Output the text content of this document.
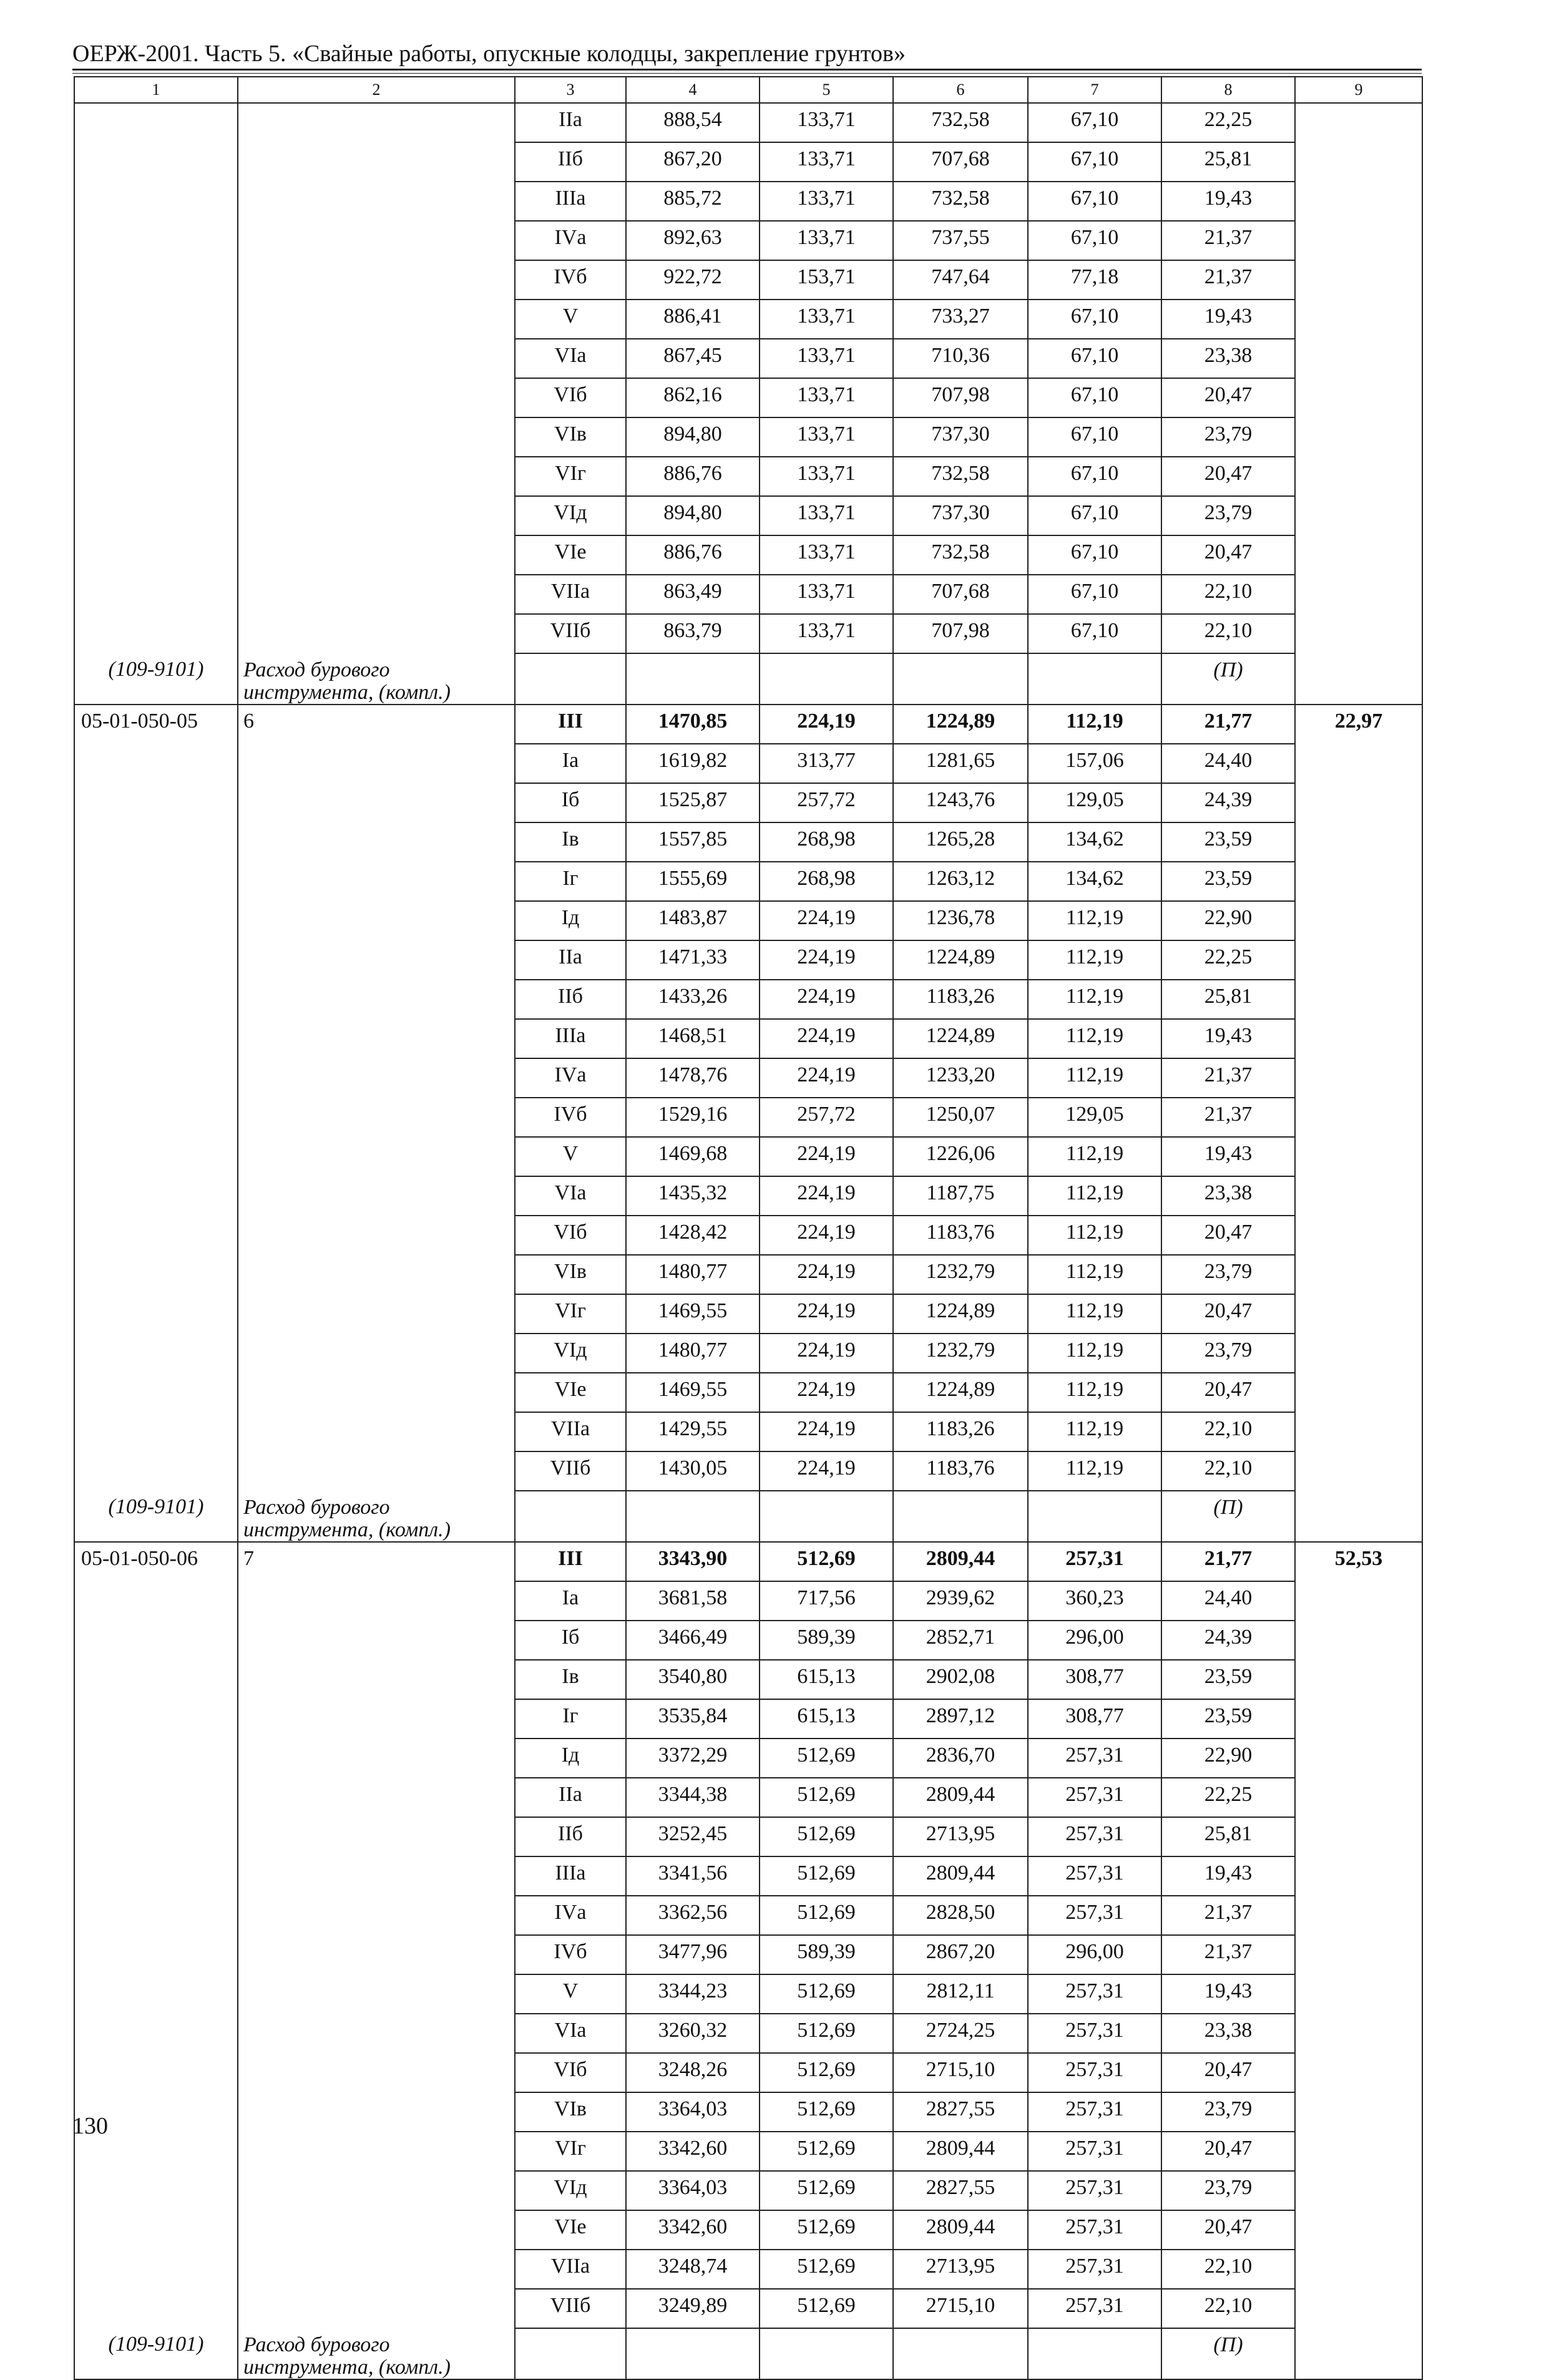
ОЕРЖ-2001. Часть 5. «Свайные работы, опускные колодцы, закрепление грунтов»
1	2	3	4	5	6	7	8	9
		IIа	888,54	133,71	732,58	67,10	22,25	
		IIб	867,20	133,71	707,68	67,10	25,81	
		IIIа	885,72	133,71	732,58	67,10	19,43	
		IVа	892,63	133,71	737,55	67,10	21,37	
		IVб	922,72	153,71	747,64	77,18	21,37	
		V	886,41	133,71	733,27	67,10	19,43	
		VIа	867,45	133,71	710,36	67,10	23,38	
		VIб	862,16	133,71	707,98	67,10	20,47	
		VIв	894,80	133,71	737,30	67,10	23,79	
		VIг	886,76	133,71	732,58	67,10	20,47	
		VIд	894,80	133,71	737,30	67,10	23,79	
		VIе	886,76	133,71	732,58	67,10	20,47	
		VIIа	863,49	133,71	707,68	67,10	22,10	
		VIIб	863,79	133,71	707,98	67,10	22,10	
(109-9101)	Расход бурового инструмента, (компл.)						(П)	
05-01-050-05	6	III	1470,85	224,19	1224,89	112,19	21,77	22,97
		Iа	1619,82	313,77	1281,65	157,06	24,40	
		Iб	1525,87	257,72	1243,76	129,05	24,39	
		Iв	1557,85	268,98	1265,28	134,62	23,59	
		Iг	1555,69	268,98	1263,12	134,62	23,59	
		Iд	1483,87	224,19	1236,78	112,19	22,90	
		IIа	1471,33	224,19	1224,89	112,19	22,25	
		IIб	1433,26	224,19	1183,26	112,19	25,81	
		IIIа	1468,51	224,19	1224,89	112,19	19,43	
		IVа	1478,76	224,19	1233,20	112,19	21,37	
		IVб	1529,16	257,72	1250,07	129,05	21,37	
		V	1469,68	224,19	1226,06	112,19	19,43	
		VIа	1435,32	224,19	1187,75	112,19	23,38	
		VIб	1428,42	224,19	1183,76	112,19	20,47	
		VIв	1480,77	224,19	1232,79	112,19	23,79	
		VIг	1469,55	224,19	1224,89	112,19	20,47	
		VIд	1480,77	224,19	1232,79	112,19	23,79	
		VIе	1469,55	224,19	1224,89	112,19	20,47	
		VIIа	1429,55	224,19	1183,26	112,19	22,10	
		VIIб	1430,05	224,19	1183,76	112,19	22,10	
(109-9101)	Расход бурового инструмента, (компл.)						(П)	
05-01-050-06	7	III	3343,90	512,69	2809,44	257,31	21,77	52,53
		Iа	3681,58	717,56	2939,62	360,23	24,40	
		Iб	3466,49	589,39	2852,71	296,00	24,39	
		Iв	3540,80	615,13	2902,08	308,77	23,59	
		Iг	3535,84	615,13	2897,12	308,77	23,59	
		Iд	3372,29	512,69	2836,70	257,31	22,90	
		IIа	3344,38	512,69	2809,44	257,31	22,25	
		IIб	3252,45	512,69	2713,95	257,31	25,81	
		IIIа	3341,56	512,69	2809,44	257,31	19,43	
		IVа	3362,56	512,69	2828,50	257,31	21,37	
		IVб	3477,96	589,39	2867,20	296,00	21,37	
		V	3344,23	512,69	2812,11	257,31	19,43	
		VIа	3260,32	512,69	2724,25	257,31	23,38	
		VIб	3248,26	512,69	2715,10	257,31	20,47	
		VIв	3364,03	512,69	2827,55	257,31	23,79	
		VIг	3342,60	512,69	2809,44	257,31	20,47	
		VIд	3364,03	512,69	2827,55	257,31	23,79	
		VIе	3342,60	512,69	2809,44	257,31	20,47	
		VIIа	3248,74	512,69	2713,95	257,31	22,10	
		VIIб	3249,89	512,69	2715,10	257,31	22,10	
(109-9101)	Расход бурового инструмента, (компл.)						(П)	
130
